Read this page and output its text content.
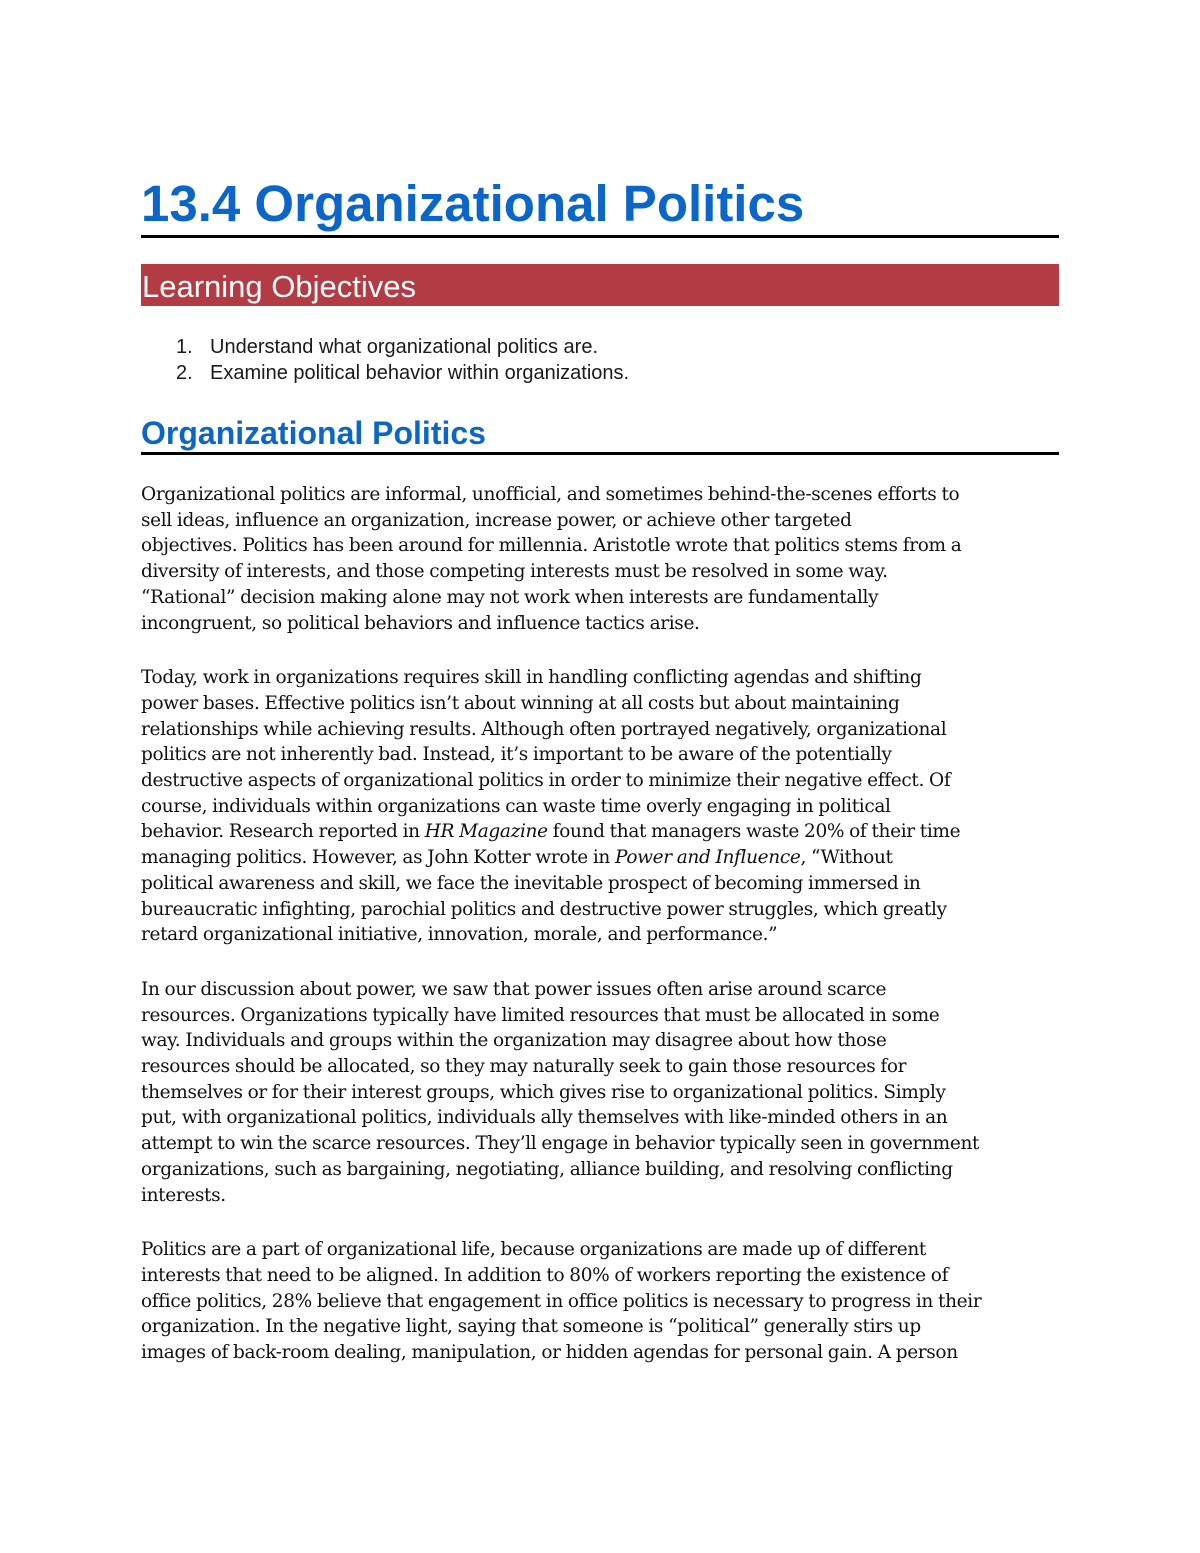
13.4 Organizational Politics
Learning Objectives
1. Understand what organizational politics are.
2. Examine political behavior within organizations.
Organizational Politics

Organizational politics are informal, unofficial, and sometimes behind-the-scenes efforts to
sell ideas, influence an organization, increase power, or achieve other targeted
objectives. Politics has been around for millennia. Aristotle wrote that politics stems from a
diversity of interests, and those competing interests must be resolved in some way.
“Rational” decision making alone may not work when interests are fundamentally
incongruent, so political behaviors and influence tactics arise.

Today, work in organizations requires skill in handling conflicting agendas and shifting
power bases. Effective politics isn’t about winning at all costs but about maintaining
relationships while achieving results. Although often portrayed negatively, organizational
politics are not inherently bad. Instead, it’s important to be aware of the potentially
destructive aspects of organizational politics in order to minimize their negative effect. Of
course, individuals within organizations can waste time overly engaging in political
behavior. Research reported in HR Magazine found that managers waste 20% of their time
managing politics. However, as John Kotter wrote in Power and Influence, “Without
political awareness and skill, we face the inevitable prospect of becoming immersed in
bureaucratic infighting, parochial politics and destructive power struggles, which greatly
retard organizational initiative, innovation, morale, and performance.”

In our discussion about power, we saw that power issues often arise around scarce
resources. Organizations typically have limited resources that must be allocated in some
way. Individuals and groups within the organization may disagree about how those
resources should be allocated, so they may naturally seek to gain those resources for
themselves or for their interest groups, which gives rise to organizational politics. Simply
put, with organizational politics, individuals ally themselves with like-minded others in an
attempt to win the scarce resources. They’ll engage in behavior typically seen in government
organizations, such as bargaining, negotiating, alliance building, and resolving conflicting
interests.

Politics are a part of organizational life, because organizations are made up of different
interests that need to be aligned. In addition to 80% of workers reporting the existence of
office politics, 28% believe that engagement in office politics is necessary to progress in their
organization. In the negative light, saying that someone is “political” generally stirs up
images of back-room dealing, manipulation, or hidden agendas for personal gain. A person
